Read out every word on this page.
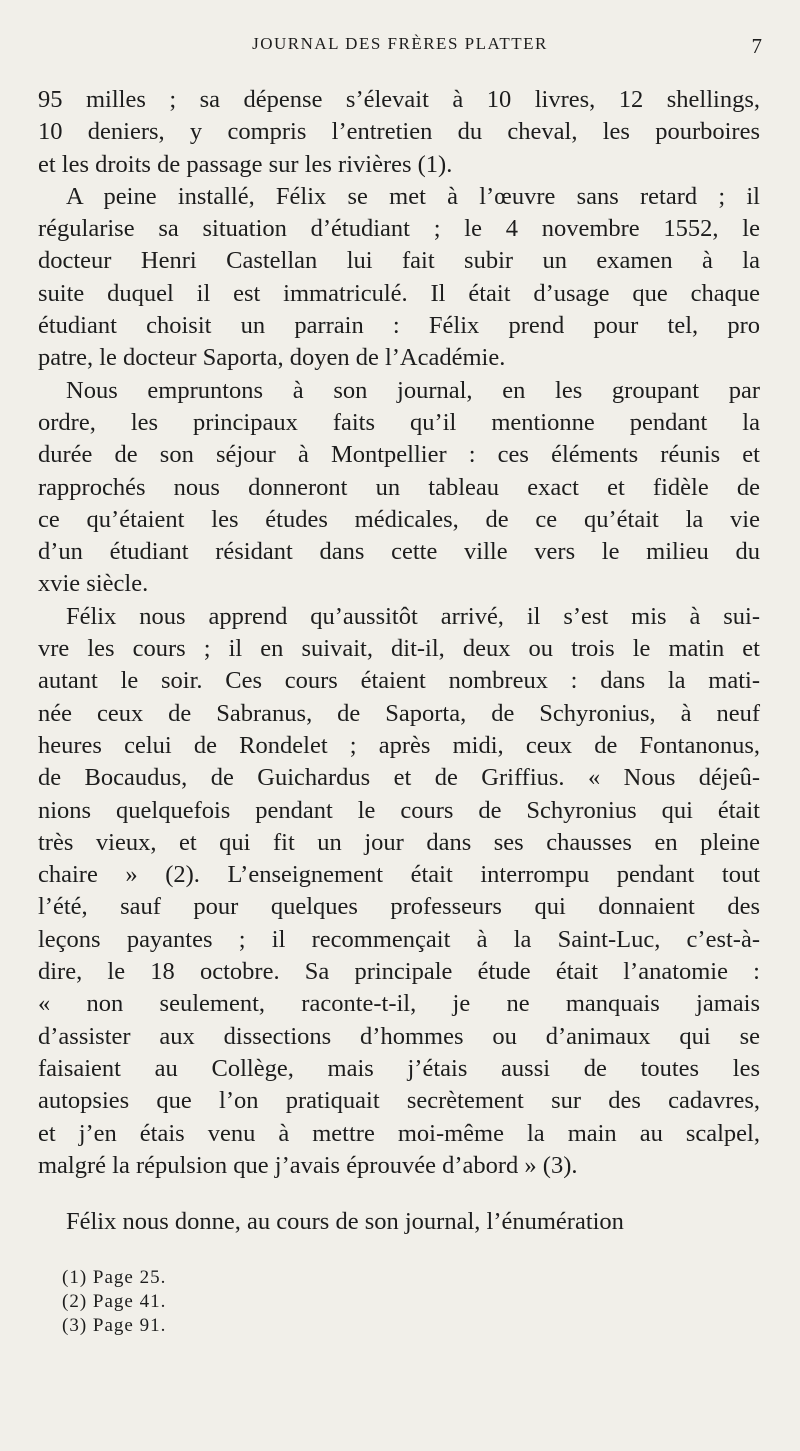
JOURNAL DES FRÈRES PLATTER	7
95 milles ; sa dépense s’élevait à 10 livres, 12 shellings,
10 deniers, y compris l’entretien du cheval, les pourboires
et les droits de passage sur les rivières (1).
A peine installé, Félix se met à l’œuvre sans retard ; il
régularise sa situation d’étudiant ; le 4 novembre 1552, le
docteur Henri Castellan lui fait subir un examen à la
suite duquel il est immatriculé. Il était d’usage que chaque
étudiant choisit un parrain : Félix prend pour tel, pro
patre, le docteur Saporta, doyen de l’Académie.
Nous empruntons à son journal, en les groupant par
ordre, les principaux faits qu’il mentionne pendant la
durée de son séjour à Montpellier : ces éléments réunis et
rapprochés nous donneront un tableau exact et fidèle de
ce qu’étaient les études médicales, de ce qu’était la vie
d’un étudiant résidant dans cette ville vers le milieu du
xvie siècle.
Félix nous apprend qu’aussitôt arrivé, il s’est mis à sui-
vre les cours ; il en suivait, dit-il, deux ou trois le matin et
autant le soir. Ces cours étaient nombreux : dans la mati-
née ceux de Sabranus, de Saporta, de Schyronius, à neuf
heures celui de Rondelet ; après midi, ceux de Fontanonus,
de Bocaudus, de Guichardus et de Griffius. « Nous déjeû-
nions quelquefois pendant le cours de Schyronius qui était
très vieux, et qui fit un jour dans ses chausses en pleine
chaire » (2). L’enseignement était interrompu pendant tout
l’été, sauf pour quelques professeurs qui donnaient des
leçons payantes ; il recommençait à la Saint-Luc, c’est-à-
dire, le 18 octobre. Sa principale étude était l’anatomie :
« non seulement, raconte-t-il, je ne manquais jamais
d’assister aux dissections d’hommes ou d’animaux qui se
faisaient au Collège, mais j’étais aussi de toutes les
autopsies que l’on pratiquait secrètement sur des cadavres,
et j’en étais venu à mettre moi-même la main au scalpel,
malgré la répulsion que j’avais éprouvée d’abord » (3).
Félix nous donne, au cours de son journal, l’énumération
(1) Page 25.
(2) Page 41.
(3) Page 91.
